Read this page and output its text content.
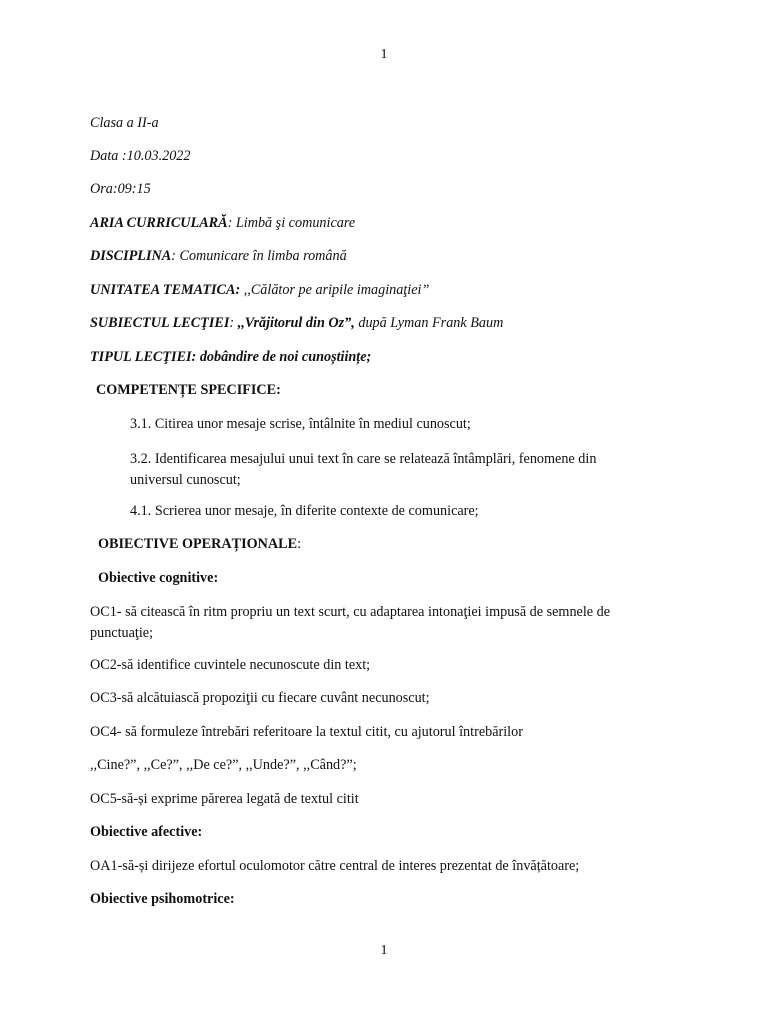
1
Clasa a II-a
Data :10.03.2022
Ora:09:15
ARIA CURRICULARĂ: Limbă şi comunicare
DISCIPLINA: Comunicare în limba română
UNITATEA TEMATICA: ,,Călător pe aripile imaginaţiei”
SUBIECTUL LECŢIEI: ,,Vrăjitorul din Oz”, după Lyman Frank Baum
TIPUL LECŢIEI: dobândire de noi cunoștiințe;
COMPETENȚE SPECIFICE:
3.1. Citirea unor mesaje scrise, întâlnite în mediul cunoscut;
3.2. Identificarea mesajului unui text în care se relatează întâmplări, fenomene din universul cunoscut;
4.1. Scrierea unor mesaje, în diferite contexte de comunicare;
OBIECTIVE OPERAȚIONALE:
Obiective cognitive:
OC1- să citească în ritm propriu un text scurt, cu adaptarea intonaţiei impusă de semnele de punctuaţie;
OC2-să identifice cuvintele necunoscute din text;
OC3-să alcătuiască propoziţii cu fiecare cuvânt necunoscut;
OC4- să formuleze întrebări referitoare la textul citit, cu ajutorul întrebărilor
,,Cine?”, ,,Ce?”, ,,De ce?”, ,,Unde?”, ,,Când?”;
OC5-să-și exprime părerea legată de textul citit
Obiective afective:
OA1-să-și dirijeze efortul oculomotor către central de interes prezentat de învățătoare;
Obiective psihomotrice:
1
